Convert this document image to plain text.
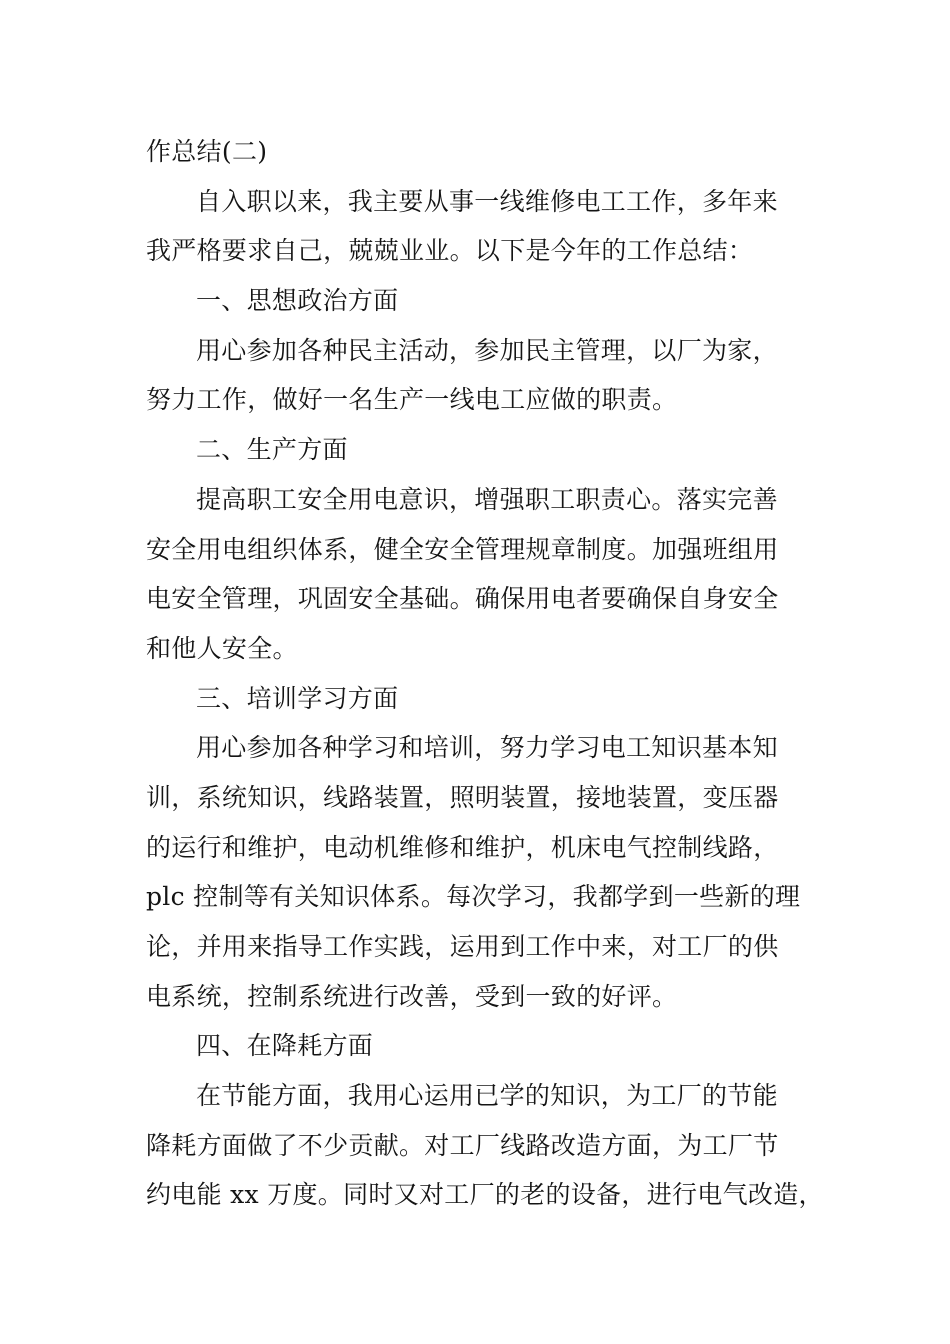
作总结(二)
自入职以来，我主要从事一线维修电工工作，多年来
我严格要求自己，兢兢业业。以下是今年的工作总结：
一、思想政治方面
用心参加各种民主活动，参加民主管理，以厂为家，
努力工作，做好一名生产一线电工应做的职责。
二、生产方面
提高职工安全用电意识，增强职工职责心。落实完善
安全用电组织体系，健全安全管理规章制度。加强班组用
电安全管理，巩固安全基础。确保用电者要确保自身安全
和他人安全。
三、培训学习方面
用心参加各种学习和培训，努力学习电工知识基本知
训，系统知识，线路装置，照明装置，接地装置，变压器
的运行和维护，电动机维修和维护，机床电气控制线路，
plc 控制等有关知识体系。每次学习，我都学到一些新的理
论，并用来指导工作实践，运用到工作中来，对工厂的供
电系统，控制系统进行改善，受到一致的好评。
四、在降耗方面
在节能方面，我用心运用已学的知识，为工厂的节能
降耗方面做了不少贡献。对工厂线路改造方面，为工厂节
约电能 xx 万度。同时又对工厂的老的设备，进行电气改造，
